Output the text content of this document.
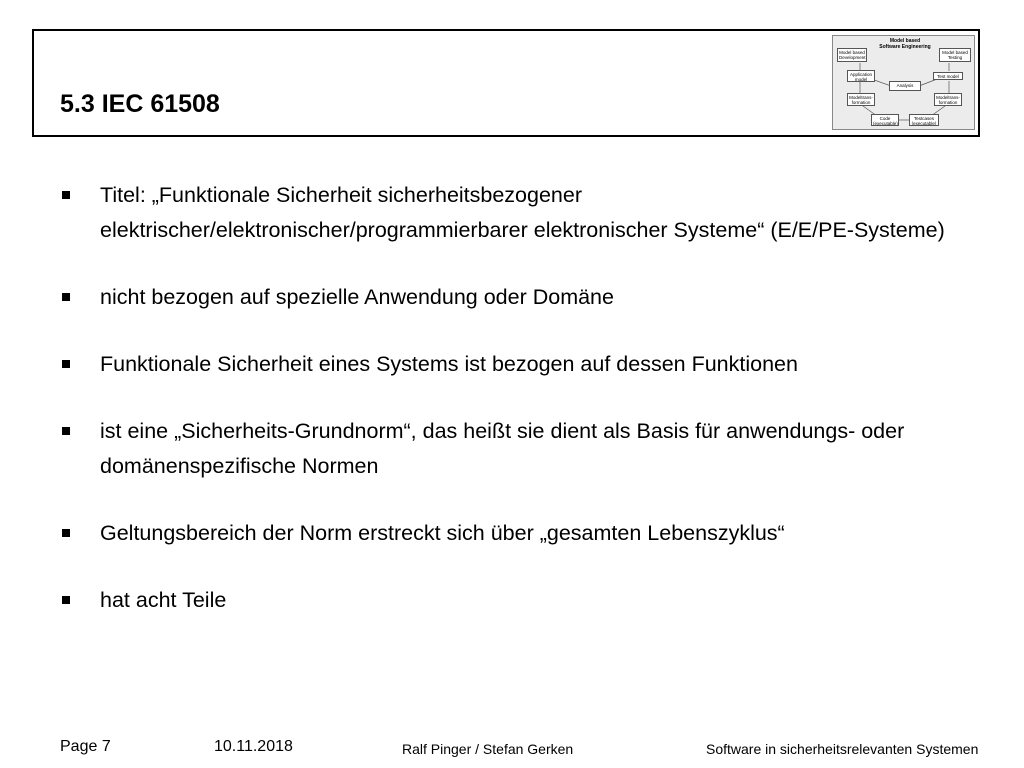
5.3 IEC 61508
Model based
Software Engineering
Model based
Development
Model based
Testing
Application
model
Test model
Analysis
Modeltrans-
formation
Modeltrans-
formation
Code
(executable)
Testcases
(executable)
Titel: „Funktionale Sicherheit sicherheitsbezogener elektrischer/elektronischer/programmierbarer elektronischer Systeme“ (E/E/PE-Systeme)
nicht bezogen auf spezielle Anwendung oder Domäne
Funktionale Sicherheit eines Systems ist bezogen auf dessen Funktionen
ist eine „Sicherheits-Grundnorm“, das heißt sie dient als Basis für anwendungs- oder domänenspezifische Normen
Geltungsbereich der Norm erstreckt sich über „gesamten Lebenszyklus“
hat acht Teile
Page 7	10.11.2018	Ralf Pinger / Stefan Gerken	Software in sicherheitsrelevanten Systemen
